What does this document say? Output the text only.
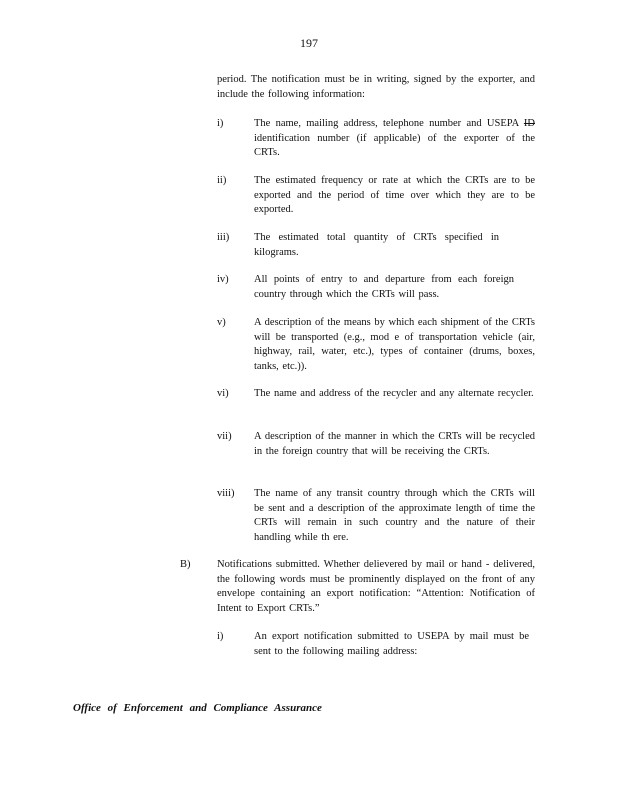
197
period. The notification must be in writing, signed by the exporter, and include the following information:
i)	The name, mailing address, telephone number and USEPA ID identification number (if applicable) of the exporter of the CRTs.
ii)	The estimated frequency or rate at which the CRTs are to be exported and the period of time over which they are to be exported.
iii)	The estimated total quantity of CRTs specified in kilograms.
iv)	All points of entry to and departure from each foreign country through which the CRTs will pass.
v)	A description of the means by which each shipment of the CRTs will be transported (e.g., mod e of transportation vehicle (air, highway, rail, water, etc.), types of container (drums, boxes, tanks, etc.)).
vi)	The name and address of the recycler and any alternate recycler.
vii)	A description of the manner in which the CRTs will be recycled in the foreign country that will be receiving the CRTs.
viii)	The name of any transit country through which the CRTs will be sent and a description of the approximate length of time the CRTs will remain in such country and the nature of their handling while th ere.
B)	Notifications submitted. Whether delievered by mail or hand - delivered, the following words must be prominently displayed on the front of any envelope containing an export notification: “Attention: Notification of Intent to Export CRTs.”
i)	An export notification submitted to USEPA by mail must be sent to the following mailing address:
Office of Enforcement and Compliance Assurance
